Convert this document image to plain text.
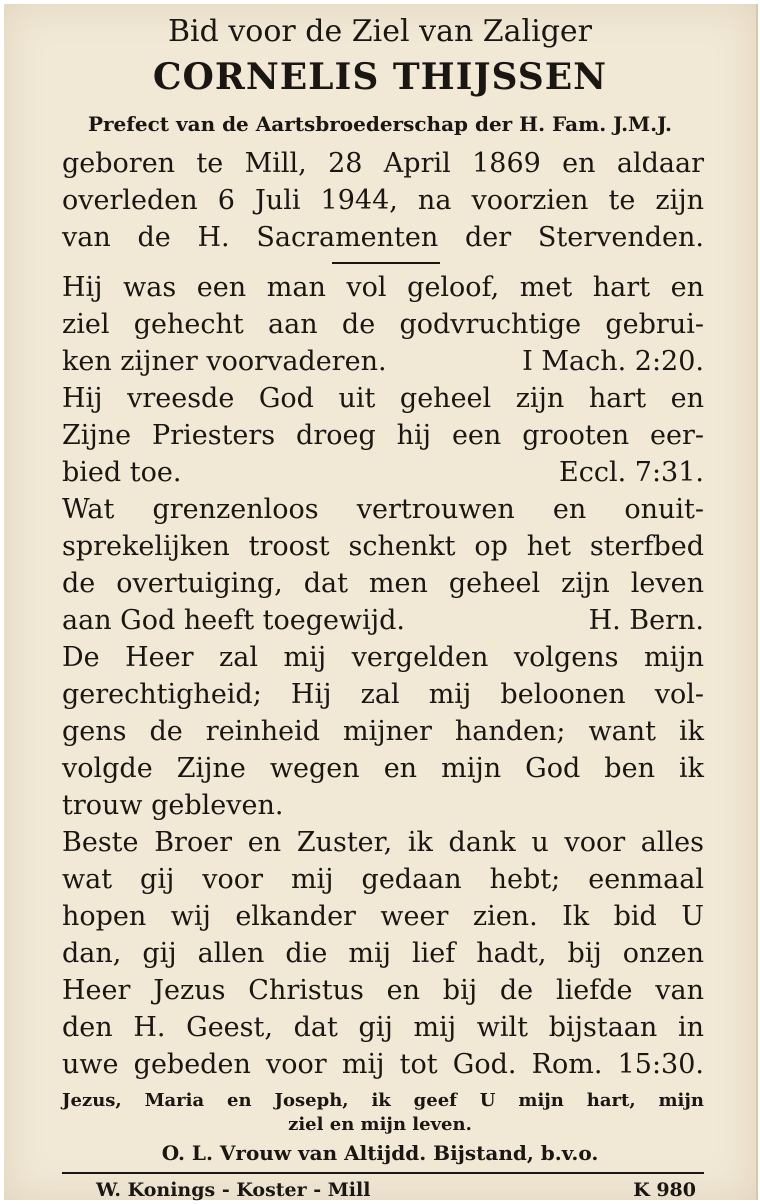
Bid voor de Ziel van Zaliger

CORNELIS THIJSSEN

Prefect van de Aartsbroederschap der H. Fam. J.M.J.

geboren te Mill, 28 April 1869 en aldaar

overleden 6 Juli 1944, na voorzien te zijn

van de H. Sacramenten der Stervenden.

Hij was een man vol geloof, met hart en

ziel gehecht aan de godvruchtige gebrui-

ken zijner voorvaderen.	I Mach. 2:20.

Hij vreesde God uit geheel zijn hart en

Zijne Priesters droeg hij een grooten eer-

bied toe.	Eccl. 7:31.

Wat grenzenloos vertrouwen en onuit-

sprekelijken troost schenkt op het sterfbed

de overtuiging, dat men geheel zijn leven

aan God heeft toegewijd.	H. Bern.

De Heer zal mij vergelden volgens mijn

gerechtigheid; Hij zal mij beloonen vol-

gens de reinheid mijner handen; want ik

volgde Zijne wegen en mijn God ben ik

trouw gebleven.

Beste Broer en Zuster, ik dank u voor alles

wat gij voor mij gedaan hebt; eenmaal

hopen wij elkander weer zien. Ik bid U

dan, gij allen die mij lief hadt, bij onzen

Heer Jezus Christus en bij de liefde van

den H. Geest, dat gij mij wilt bijstaan in

uwe gebeden voor mij tot God. Rom. 15:30.

Jezus, Maria en Joseph, ik geef U mijn hart, mijn

ziel en mijn leven.

O. L. Vrouw van Altijdd. Bijstand, b.v.o.

W. Konings - Koster - Mill	K 980
